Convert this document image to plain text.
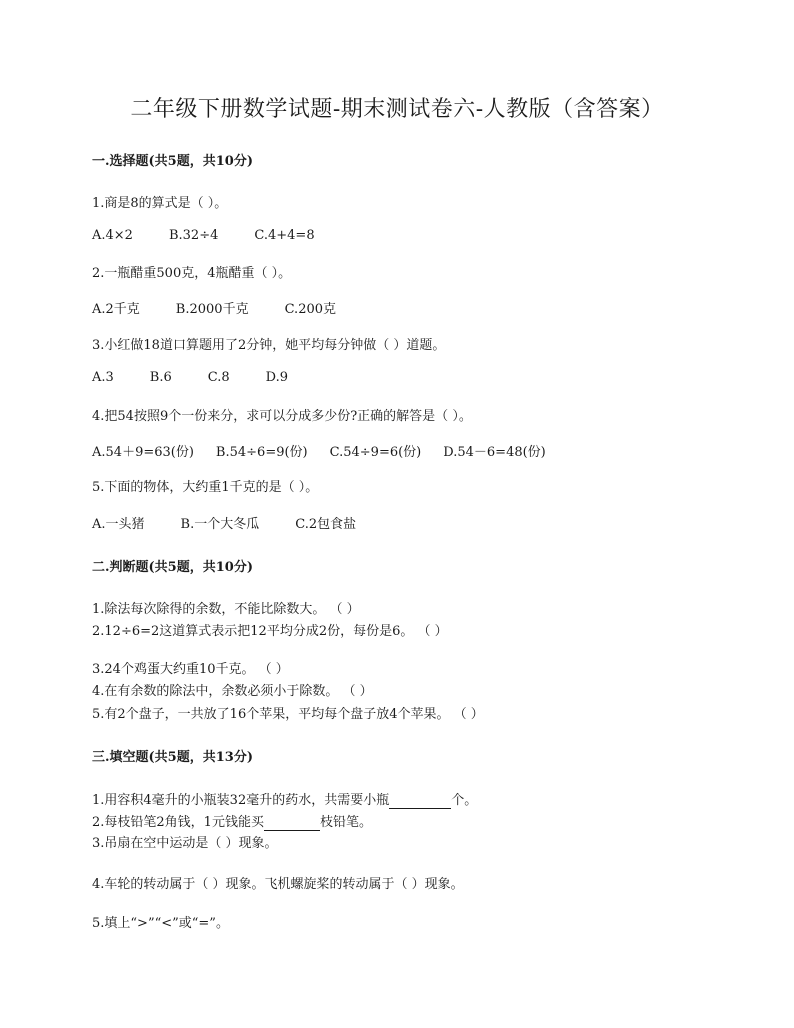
二年级下册数学试题-期末测试卷六-人教版（含答案）
一.选择题(共5题，共10分)
1.商是8的算式是（ ）。
A.4×2	B.32÷4	C.4+4=8
2.一瓶醋重500克，4瓶醋重（ ）。
A.2千克	B.2000千克	C.200克
3.小红做18道口算题用了2分钟，她平均每分钟做（ ）道题。
A.3	B.6	C.8	D.9
4.把54按照9个一份来分，求可以分成多少份?正确的解答是（ ）。
A.54＋9=63(份) B.54÷6=9(份) C.54÷9=6(份) D.54－6=48(份)
5.下面的物体，大约重1千克的是（ ）。
A.一头猪	B.一个大冬瓜	C.2包食盐
二.判断题(共5题，共10分)
1.除法每次除得的余数，不能比除数大。 （ ）
2.12÷6=2这道算式表示把12平均分成2份，每份是6。 （ ）
3.24个鸡蛋大约重10千克。 （ ）
4.在有余数的除法中，余数必须小于除数。 （ ）
5.有2个盘子，一共放了16个苹果，平均每个盘子放4个苹果。 （ ）
三.填空题(共5题，共13分)
1.用容积4毫升的小瓶装32毫升的药水，共需要小瓶	个。
2.每枝铅笔2角钱，1元钱能买	枝铅笔。
3.吊扇在空中运动是（ ）现象。
4.车轮的转动属于（ ）现象。飞机螺旋桨的转动属于（ ）现象。
5.填上“>”“<”或“=”。
